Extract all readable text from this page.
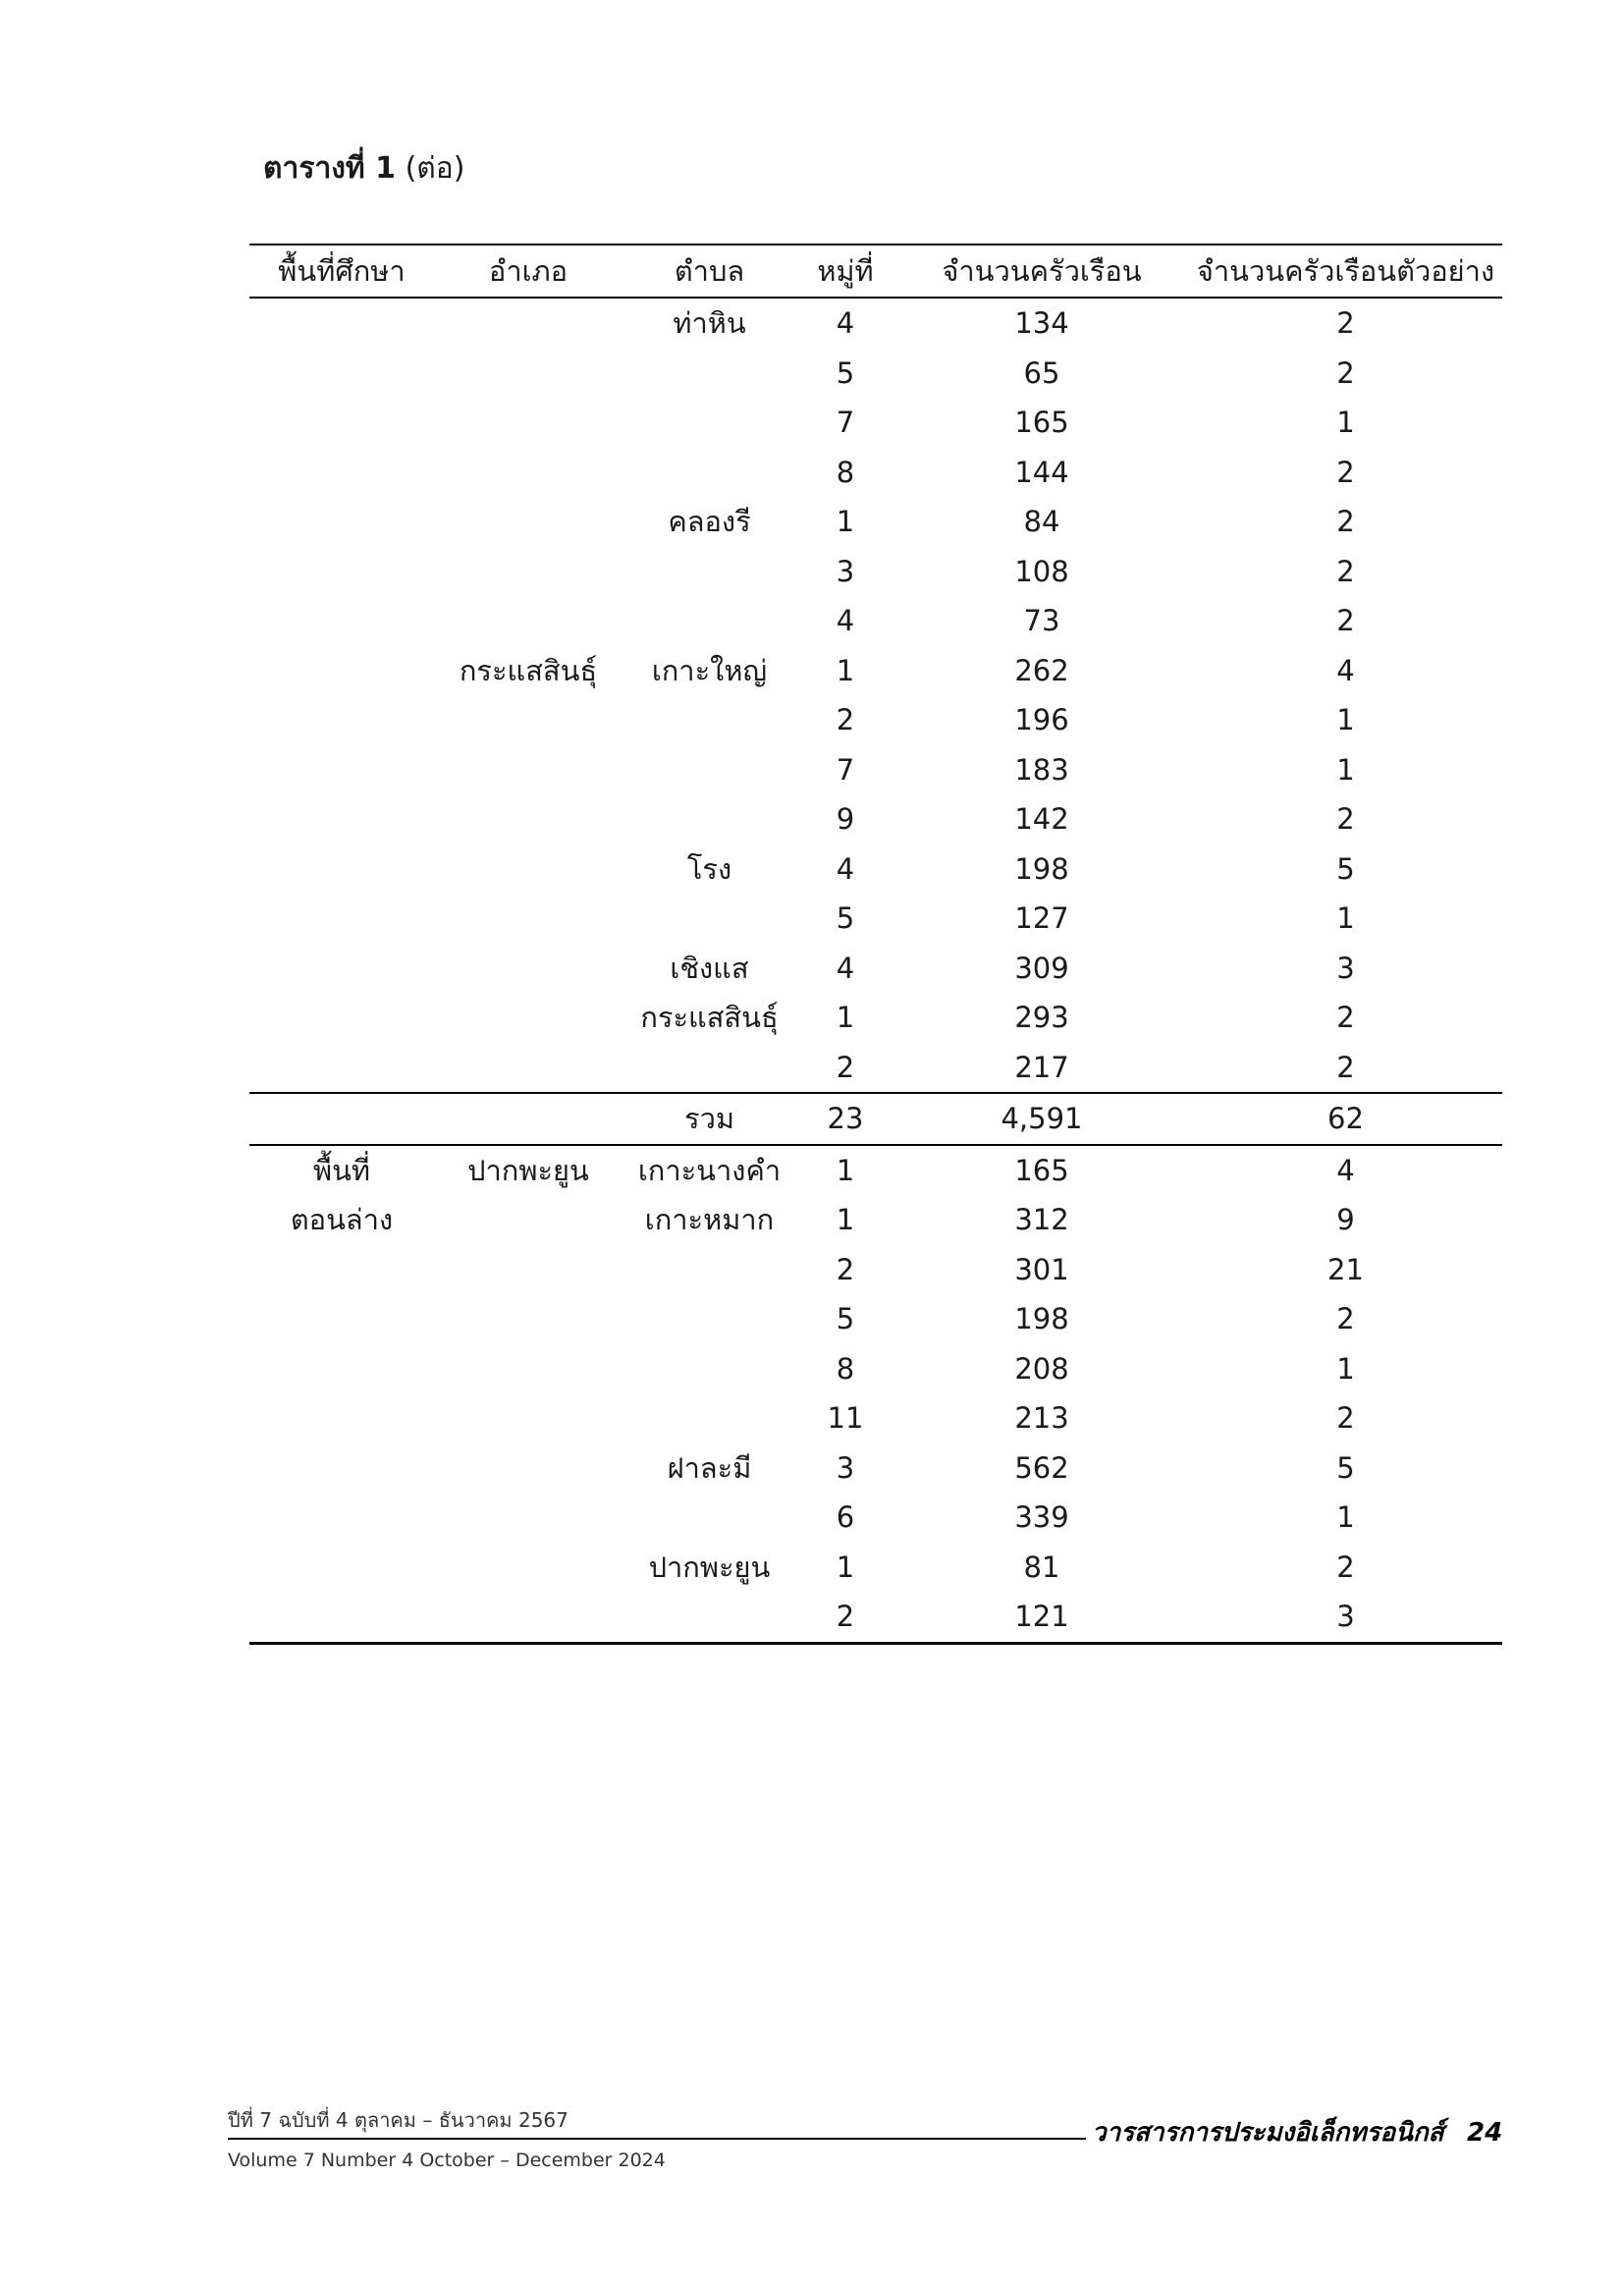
ตารางที่ 1 (ต่อ)
พื้นที่ศึกษา	อำเภอ	ตำบล	หมู่ที่	จำนวนครัวเรือน	จำนวนครัวเรือนตัวอย่าง
		ท่าหิน	4	134	2
			5	65	2
			7	165	1
			8	144	2
		คลองรี	1	84	2
			3	108	2
			4	73	2
	กระแสสินธุ์	เกาะใหญ่	1	262	4
			2	196	1
			7	183	1
			9	142	2
		โรง	4	198	5
			5	127	1
		เชิงแส	4	309	3
		กระแสสินธุ์	1	293	2
			2	217	2
		รวม	23	4,591	62
พื้นที่	ปากพะยูน	เกาะนางคำ	1	165	4
ตอนล่าง		เกาะหมาก	1	312	9
			2	301	21
			5	198	2
			8	208	1
			11	213	2
		ฝาละมี	3	562	5
			6	339	1
		ปากพะยูน	1	81	2
			2	121	3
ปีที่ 7 ฉบับที่ 4 ตุลาคม – ธันวาคม 2567
Volume 7 Number 4 October – December 2024
วารสารการประมงอิเล็กทรอนิกส์ 24
